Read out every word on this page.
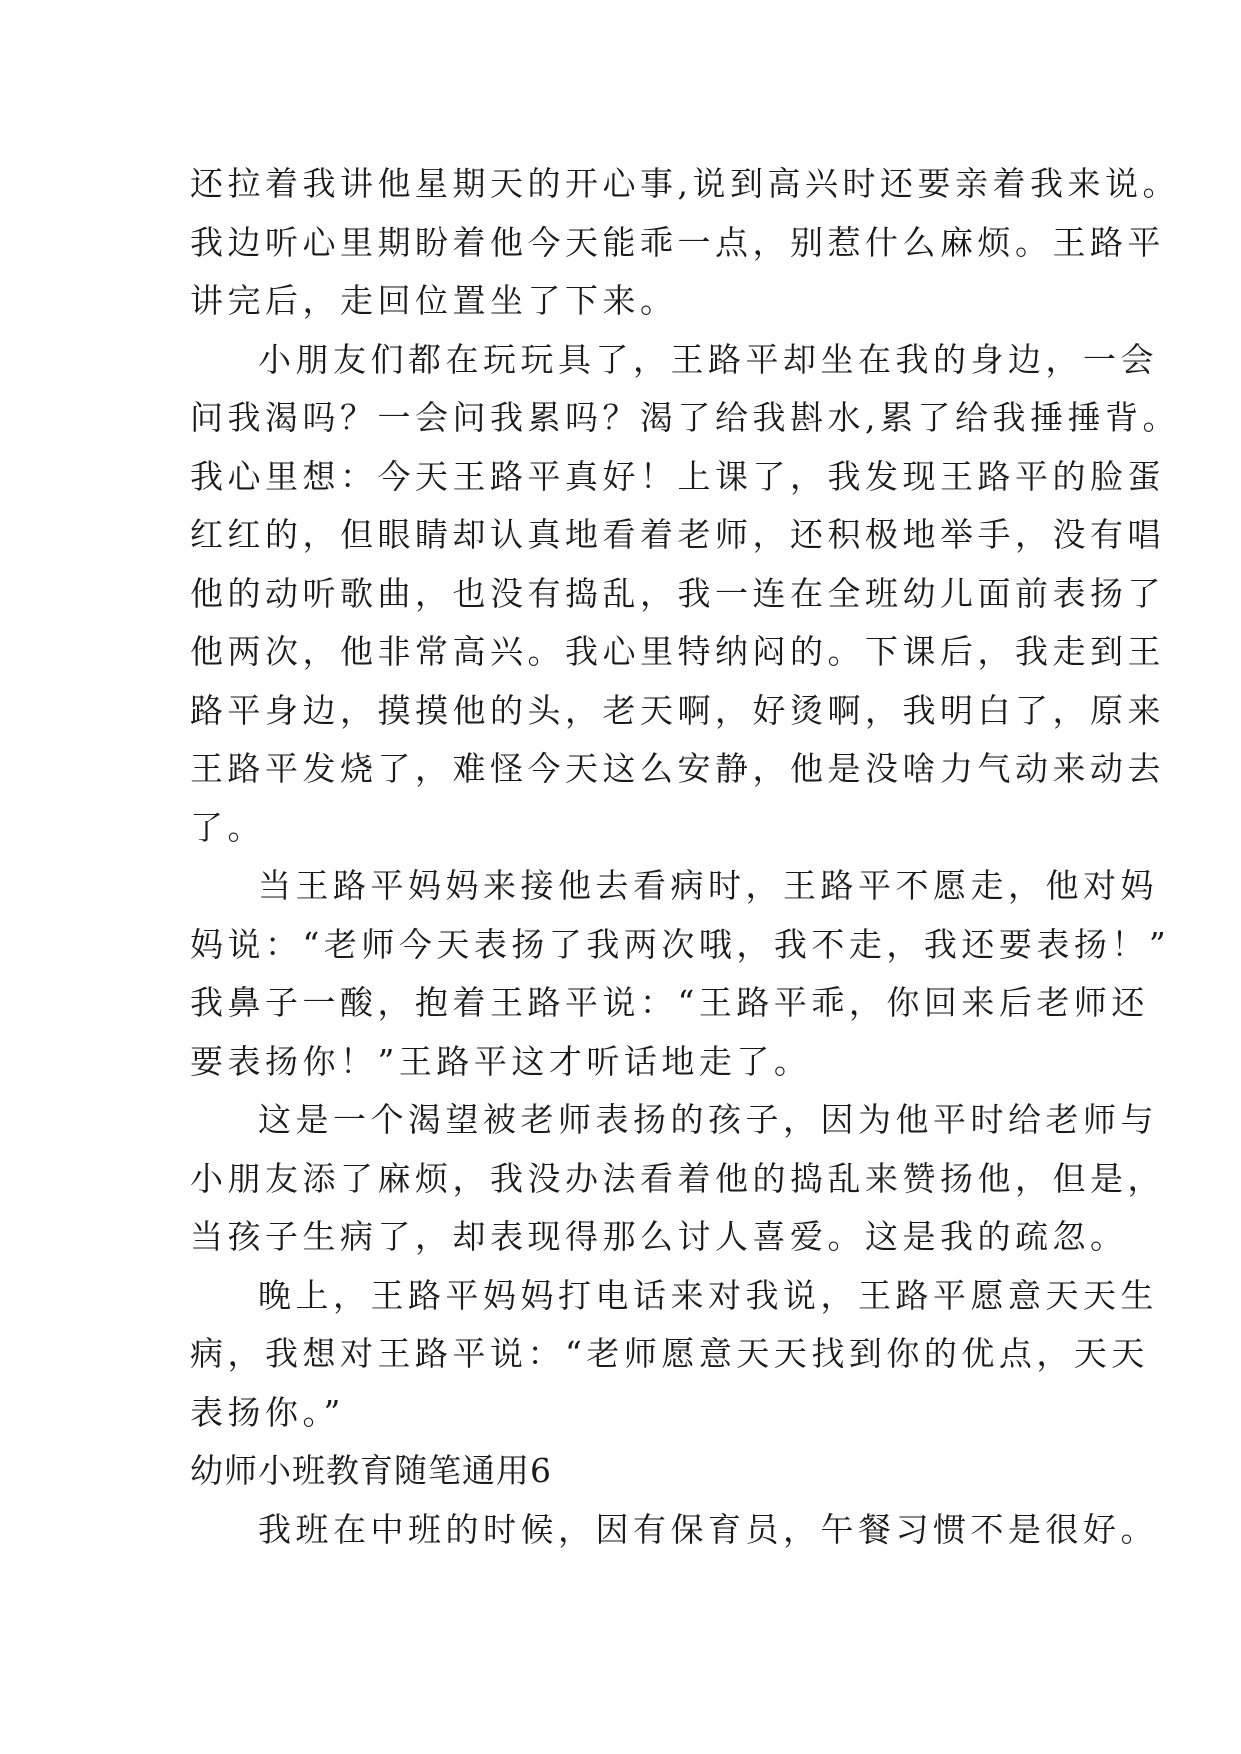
还拉着我讲他星期天的开心事,说到高兴时还要亲着我来说。
我边听心里期盼着他今天能乖一点，别惹什么麻烦。王路平
讲完后，走回位置坐了下来。
小朋友们都在玩玩具了，王路平却坐在我的身边，一会
问我渴吗？一会问我累吗？渴了给我斟水,累了给我捶捶背。
我心里想：今天王路平真好！上课了，我发现王路平的脸蛋
红红的，但眼睛却认真地看着老师，还积极地举手，没有唱
他的动听歌曲，也没有捣乱，我一连在全班幼儿面前表扬了
他两次，他非常高兴。我心里特纳闷的。下课后，我走到王
路平身边，摸摸他的头，老天啊，好烫啊，我明白了，原来
王路平发烧了，难怪今天这么安静，他是没啥力气动来动去
了。
当王路平妈妈来接他去看病时，王路平不愿走，他对妈
妈说：“老师今天表扬了我两次哦，我不走，我还要表扬！”
我鼻子一酸，抱着王路平说：“王路平乖，你回来后老师还
要表扬你！”王路平这才听话地走了。
这是一个渴望被老师表扬的孩子，因为他平时给老师与
小朋友添了麻烦，我没办法看着他的捣乱来赞扬他，但是，
当孩子生病了，却表现得那么讨人喜爱。这是我的疏忽。
晚上，王路平妈妈打电话来对我说，王路平愿意天天生
病，我想对王路平说：“老师愿意天天找到你的优点，天天
表扬你。”
幼师小班教育随笔通用6
我班在中班的时候，因有保育员，午餐习惯不是很好。
